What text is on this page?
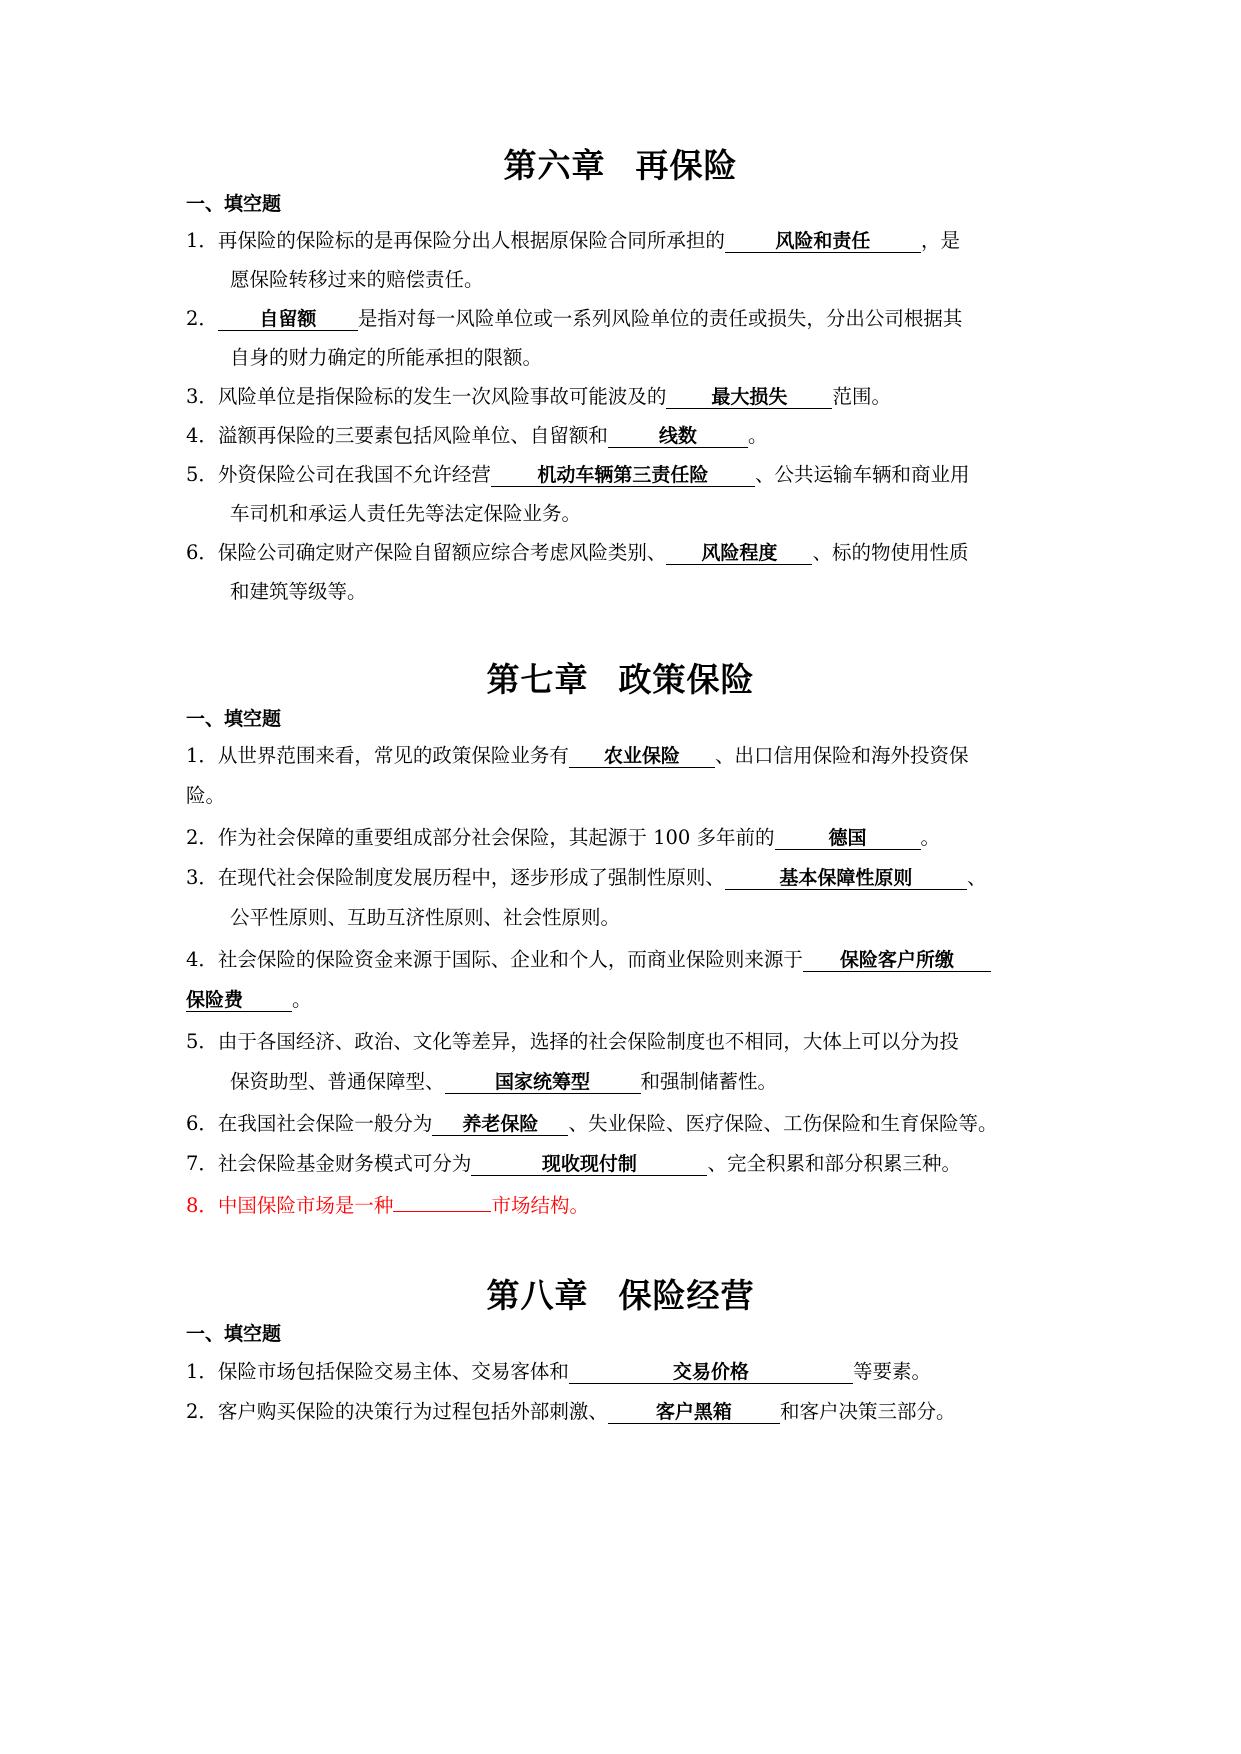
第六章 再保险
一、填空题
1．再保险的保险标的是再保险分出人根据原保险合同所承担的	风险和责任	，是
愿保险转移过来的赔偿责任。
2． 自留额 是指对每一风险单位或一系列风险单位的责任或损失，分出公司根据其
自身的财力确定的所能承担的限额。
3．风险单位是指保险标的发生一次风险事故可能波及的 最大损失 范围。
4．溢额再保险的三要素包括风险单位、自留额和	线数	。
5．外资保险公司在我国不允许经营 机动车辆第三责任险 、公共运输车辆和商业用
车司机和承运人责任先等法定保险业务。
6．保险公司确定财产保险自留额应综合考虑风险类别、 风险程度 、标的物使用性质
和建筑等级等。
第七章 政策保险
一、填空题
1．从世界范围来看，常见的政策保险业务有 农业保险 、出口信用保险和海外投资保
险。
2．作为社会保障的重要组成部分社会保险，其起源于 100 多年前的	德国	。
3．在现代社会保险制度发展历程中，逐步形成了强制性原则、	基本保障性原则	、
公平性原则、互助互济性原则、社会性原则。
4．社会保险的保险资金来源于国际、企业和个人，而商业保险则来源于 保险客户所缴
保险费	。
5．由于各国经济、政治、文化等差异，选择的社会保险制度也不相同，大体上可以分为投
保资助型、普通保障型、	国家统筹型	和强制储蓄性。
6．在我国社会保险一般分为 养老保险 、失业保险、医疗保险、工伤保险和生育保险等。
7．社会保险基金财务模式可分为	现收现付制	、完全积累和部分积累三种。
8．中国保险市场是一种	市场结构。
第八章 保险经营
一、填空题
1．保险市场包括保险交易主体、交易客体和	交易价格	等要素。
2．客户购买保险的决策行为过程包括外部刺激、	客户黑箱 和客户决策三部分。
